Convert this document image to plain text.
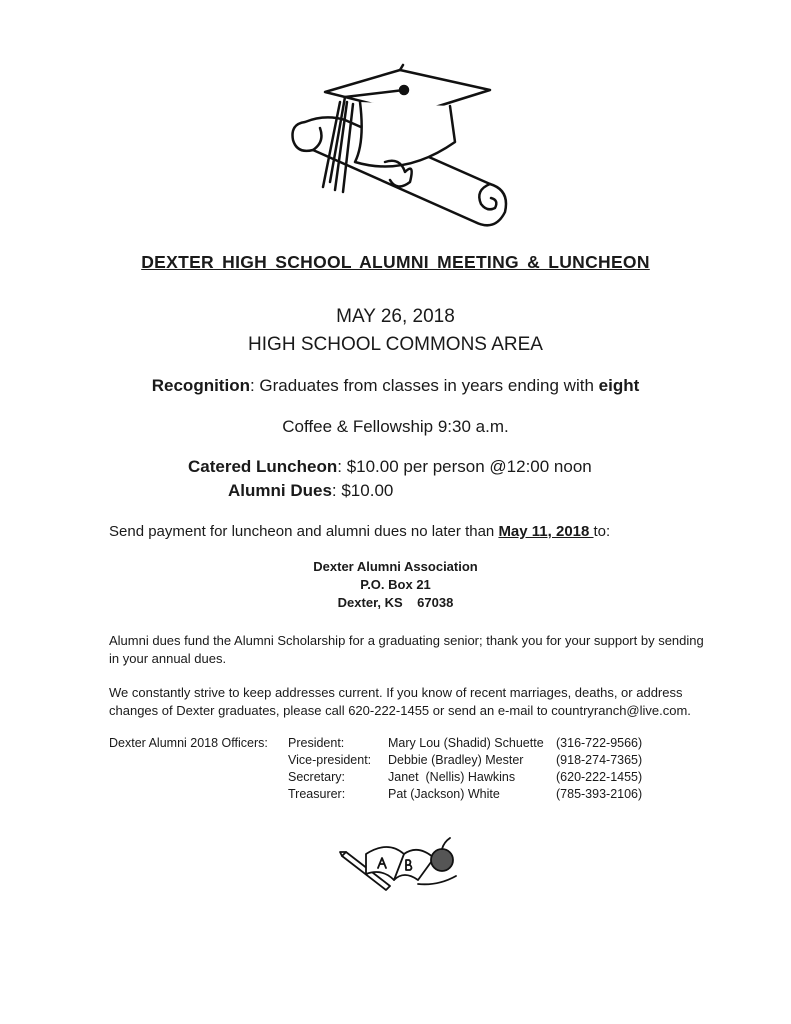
DEXTER HIGH SCHOOL ALUMNI MEETING & LUNCHEON
MAY 26, 2018
HIGH SCHOOL COMMONS AREA
Recognition: Graduates from classes in years ending with eight
Coffee & Fellowship 9:30 a.m.
Catered Luncheon: $10.00 per person @12:00 noon
Alumni Dues: $10.00
Send payment for luncheon and alumni dues no later than May 11, 2018 to:
Dexter Alumni Association
P.O. Box 21
Dexter, KS    67038
Alumni dues fund the Alumni Scholarship for a graduating senior; thank you for your support by sending in your annual dues.
We constantly strive to keep addresses current. If you know of recent marriages, deaths, or address changes of Dexter graduates, please call 620-222-1455 or send an e-mail to countryranch@live.com.
Dexter Alumni 2018 Officers: President:
Vice-president:
Secretary:
Treasurer:
Mary Lou (Shadid) Schuette
Debbie (Bradley) Mester
Janet  (Nellis) Hawkins
Pat (Jackson) White
(316-722-9566)
(918-274-7365)
(620-222-1455)
(785-393-2106)
